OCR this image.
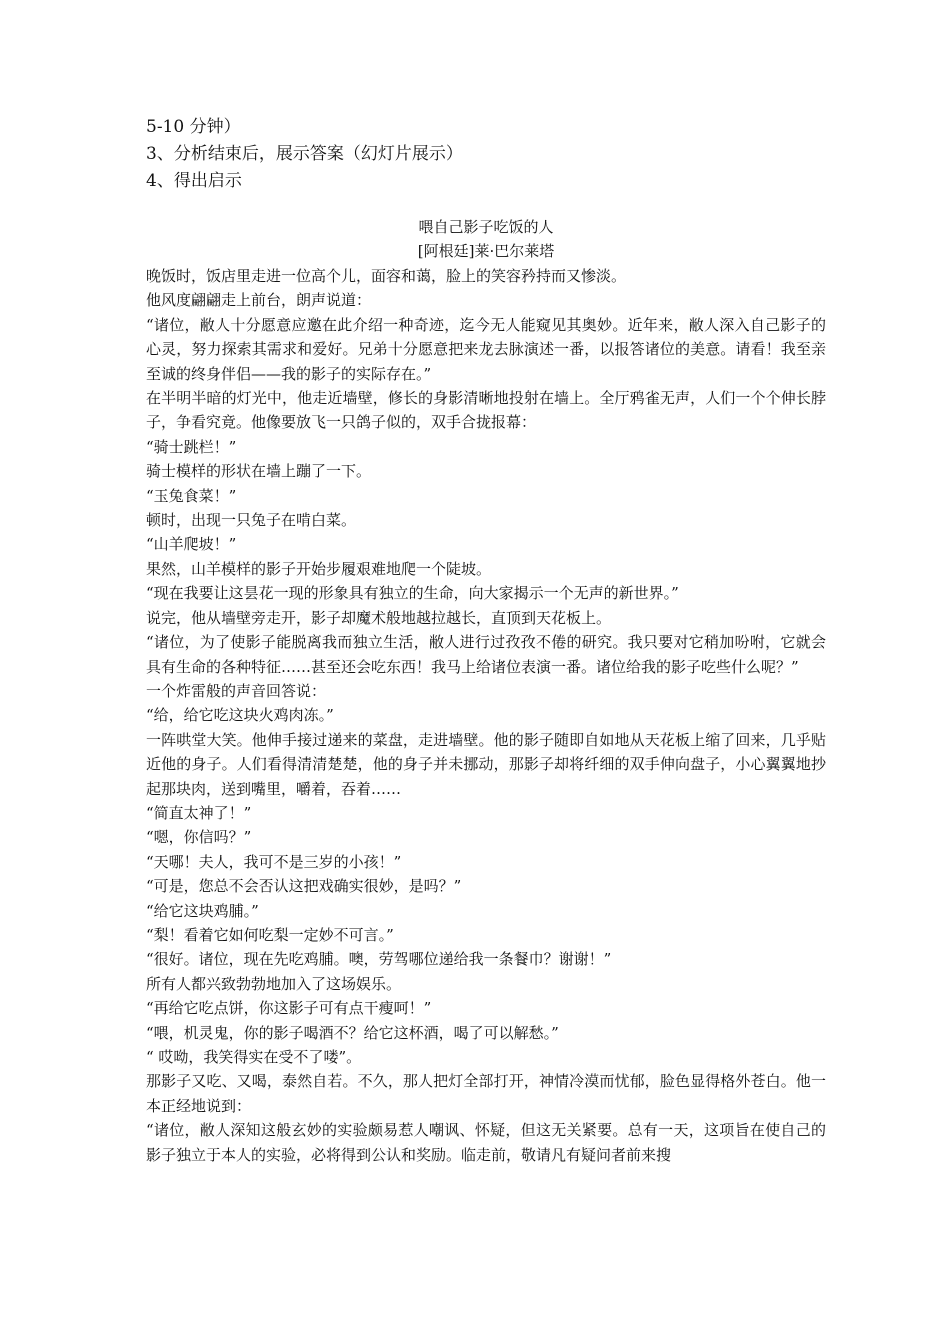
5-10 分钟）
3、分析结束后，展示答案（幻灯片展示）
4、得出启示
喂自己影子吃饭的人
[阿根廷]莱·巴尔莱塔

晚饭时，饭店里走进一位高个儿，面容和蔼，脸上的笑容矜持而又惨淡。

他风度翩翩走上前台，朗声说道：

“诸位，敝人十分愿意应邀在此介绍一种奇迹，迄今无人能窥见其奥妙。近年来，敝人深入自己影子的心灵，努力探索其需求和爱好。兄弟十分愿意把来龙去脉演述一番，以报答诸位的美意。请看！我至亲至诚的终身伴侣——我的影子的实际存在。”

在半明半暗的灯光中，他走近墙壁，修长的身影清晰地投射在墙上。全厅鸦雀无声，人们一个个伸长脖子，争看究竟。他像要放飞一只鸽子似的，双手合拢报幕：

“骑士跳栏！”

骑士模样的形状在墙上蹦了一下。

“玉兔食菜！”

顿时，出现一只兔子在啃白菜。

“山羊爬坡！”

果然，山羊模样的影子开始步履艰难地爬一个陡坡。

“现在我要让这昙花一现的形象具有独立的生命，向大家揭示一个无声的新世界。”

说完，他从墙壁旁走开，影子却魔术般地越拉越长，直顶到天花板上。

“诸位，为了使影子能脱离我而独立生活，敝人进行过孜孜不倦的研究。我只要对它稍加吩咐，它就会具有生命的各种特征……甚至还会吃东西！我马上给诸位表演一番。诸位给我的影子吃些什么呢？”

一个炸雷般的声音回答说：

“给，给它吃这块火鸡肉冻。”

一阵哄堂大笑。他伸手接过递来的菜盘，走进墙壁。他的影子随即自如地从天花板上缩了回来，几乎贴近他的身子。人们看得清清楚楚，他的身子并未挪动，那影子却将纤细的双手伸向盘子，小心翼翼地抄起那块肉，送到嘴里，嚼着，吞着……

“简直太神了！”

“嗯，你信吗？”

“天哪！夫人，我可不是三岁的小孩！”

“可是，您总不会否认这把戏确实很妙，是吗？”

“给它这块鸡脯。”

“梨！看着它如何吃梨一定妙不可言。”

“很好。诸位，现在先吃鸡脯。噢，劳驾哪位递给我一条餐巾？谢谢！”

所有人都兴致勃勃地加入了这场娱乐。

“再给它吃点饼，你这影子可有点干瘦呵！”

“喂，机灵鬼，你的影子喝酒不？给它这杯酒，喝了可以解愁。”

“ 哎呦，我笑得实在受不了喽”。

那影子又吃、又喝，泰然自若。不久，那人把灯全部打开，神情冷漠而忧郁，脸色显得格外苍白。他一本正经地说到：

“诸位，敝人深知这般玄妙的实验颇易惹人嘲讽、怀疑，但这无关紧要。总有一天，这项旨在使自己的影子独立于本人的实验，必将得到公认和奖励。临走前，敬请凡有疑问者前来搜
